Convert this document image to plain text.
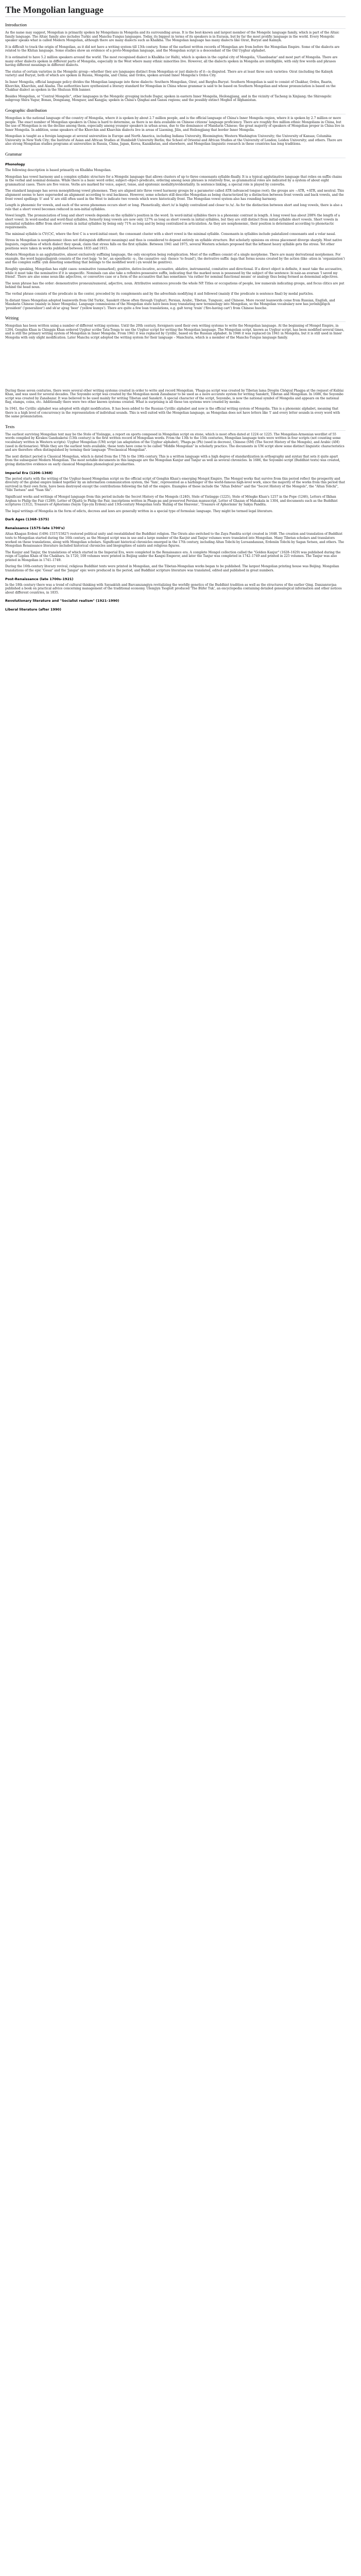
The Mongolian language
Introduction

As the name may suggest, Mongolian is primarily spoken by Mongolians in Mongolia and its surrounding areas. It is the best-known and largest member of the Mongolic language family, which is part of the Altaic family language. The Altaic family also includes Turkic and Manchu-Tungus languages. Today, its biggest in terms of its speakers is in Eurasia, but by far the most prolific language in the world. Every Mongolic speaker speaks what is called Modern Mongolian, although there are many dialects such as Khalkha. The Mongolian language has many dialects like Oirat, Buryat and Kalmyk.

It is difficult to track the origin of Mongolian, as it did not have a writing system till 13th century. Some of the earliest written records of Mongolian are from before the Mongolian Empire. Some of the dialects are related to the Khitan language. Some studies show an evidence of a proto-Mongolian language, and the Mongolian script is a descendant of the Old Uyghur alphabet.

It is estimated to have 5.2 million speakers around the world. The most recognised dialect is Khalkha (or Halh), which is spoken in the capital city of Mongolia, 'Ulaanbaatar' and most part of Mongolia. There are many other dialects spoken in different parts of Mongolia, especially in the West where many ethnic minorities live. However, all the dialects spoken in Mongolia are intelligible, with only few words and phrases having different meanings in different dialects.

The status of certain varieties in the Mongolic group—whether they are languages distinct from Mongolian or just dialects of it—is disputed. There are at least three such varieties: Oirat (including the Kalmyk variety) and Buryat, both of which are spoken in Russia, Mongolia, and China; and Ordos, spoken around Inner Mongolia's Ordos City.

In Inner Mongolia, official language policy divides the Mongolian language into three dialects: Southern Mongolian, Oirat, and Barghu-Buryat. Southern Mongolian is said to consist of Chakhar, Ordos, Baarin, Khorchin, Kharchin, and Alasha. The authorities have synthesized a literary standard for Mongolian in China whose grammar is said to be based on Southern Mongolian and whose pronunciation is based on the Chakhar dialect as spoken in the Shuluun Höh banner.

Besides Mongolian, or "Central Mongolic", other languages in the Mongolic grouping include Dagur, spoken in eastern Inner Mongolia, Heilongjiang, and in the vicinity of Tacheng in Xinjiang; the Shirongolic subgroup Shira Yugur, Bonan, Dongxiang, Monguor, and Kangjia; spoken in China's Qinghai and Gansu regions; and the possibly extinct Moghol of Afghanistan.

Geographic distribution

Mongolian is the national language of the country of Mongolia, where it is spoken by about 2.7 million people, and is the official language of China's Inner Mongolia region, where it is spoken by 2.7 million or more people. The exact number of Mongolian speakers in China is hard to determine, as there is no data available on Chinese citizens' language proficiency. There are roughly five million ethnic Mongolians in China, but the use of Mongolian is on the decline among them, especially among younger speakers in urban areas, due to the dominance of Mandarin Chinese; the great majority of speakers of Mongolian proper in China live in Inner Mongolia. In addition, some speakers of the Khorchin and Kharchin dialects live in areas of Liaoning, Jilin, and Heilongjiang that border Inner Mongolia.

Mongolian is taught as a foreign language at several universities in Europe and North America, including Indiana University, Bloomington; Western Washington University; the University of Kansas; Columbia University in New York City; the Institute of Asian and African Studies at Humboldt University Berlin; the School of Oriental and African Studies at the University of London; Leiden University; and others. There are also strong Mongolian studies programs at universities in Russia, China, Japan, Korea, Kazakhstan, and elsewhere, and Mongolian linguistic research in these countries has long traditions.

Grammar
Phonology

The following description is based primarily on Khalkha Mongolian.

Mongolian has vowel harmony and a complex syllabic structure for a Mongolic language that allows clusters of up to three consonants syllable-finally. It is a typical agglutinative language that relies on suffix chains in the verbal and nominal domains. While there is a basic word order, subject–object–predicate, ordering among noun phrases is relatively free, as grammatical roles are indicated by a system of about eight grammatical cases. There are five voices. Verbs are marked for voice, aspect, tense, and epistemic modality/evidentiality. In sentence linking, a special role is played by converbs.

The standard language has seven monophthong vowel phonemes. They are aligned into three vowel harmony groups by a parameter called ATR (advanced tongue root); the groups are −ATR, +ATR, and neutral. This alignment seems to have superseded an alignment according to oral backness. However, some scholars still describe Mongolian as being characterized by a distinction between front vowels and back vowels, and the front vowel spellings 'ö' and 'ü' are still often used in the West to indicate two vowels which were historically front. The Mongolian vowel system also has rounding harmony.

Length is phonemic for vowels, and each of the seven phonemes occurs short or long. Phonetically, short /o/ is highly centralized and closer to /u/. As for the distinction between short and long vowels, there is also a rule that a short vowel becomes reduced in non-initial syllables.

Vowel length. The pronunciation of long and short vowels depends on the syllable's position in the word. In word-initial syllables there is a phonemic contrast in length. A long vowel has about 208% the length of a short vowel. In word-medial and word-final syllables, formerly long vowels are now only 127% as long as short vowels in initial syllables, but they are still distinct from initial-syllable short vowels. Short vowels in noninitial syllables differ from short vowels in initial syllables by being only 71% as long and by being centralized in articulation. As they are nonphonemic, their position is determined according to phonotactic requirements.

The minimal syllable is CV(C)C, where the first C is a word-initial onset; the consonant cluster with a short vowel is the minimal syllable. Consonants in syllables include palatalized consonants and a velar nasal.

Stress in Mongolian is nonphonemic (does not distinguish different meanings) and thus is considered to depend entirely on syllable structure. But scholarly opinions on stress placement diverge sharply. Most native linguists, regardless of which dialect they speak, claim that stress falls on the first syllable. Between 1941 and 1975, several Western scholars proposed that the leftmost heavy syllable gets the stress. Yet other positions were taken in works published between 1835 and 1915.

Modern Mongolian is an agglutinative, almost exclusively suffixing language, the only exception being reduplication. Most of the suffixes consist of a single morpheme. There are many derivational morphemes. For example, the word bajguullagynh consists of the root bajg- 'to be', an epenthetic -u-, the causative -uul- (hence 'to found'), the derivative suffix -laga that forms nouns created by the action (like -ation in 'organization') and the complex suffix -ynh denoting something that belongs to the modified word (-yn would be genitive).

Roughly speaking, Mongolian has eight cases: nominative (unmarked), genitive, dative-locative, accusative, ablative, instrumental, comitative and directional. If a direct object is definite, it must take the accusative, while it must take the nominative if it is unspecific. Nominals can also take a reflexive-possessive suffix, indicating that the marked noun is possessed by the subject of the sentence: bi naiz-aa avarsan 'I saved my friend'. There are also some noun-like adjectives, or convertive case or a form of the accusative that has sometimes 'via rather for nominal functional means' or analogy thus being formed as denominal adjectives.

The noun phrase has the order: demonstrative pronoun/numeral, adjective, noun. Attributive sentences precede the whole NP. Titles or occupations of people, low numerals indicating groups, and focus clitics are put behind the head noun.

The verbal phrase consists of the predicate in the center, preceded by its complements and by the adverbials modifying it and followed (mainly if the predicate is sentence final) by modal particles.

In distant times Mongolian adopted loanwords from Old Turkic, Sanskrit (these often through Uyghur), Persian, Arabic, Tibetan, Tungusic, and Chinese. More recent loanwords come from Russian, English, and Mandarin Chinese (mainly in Inner Mongolia). Language commissions of the Mongolian state have been busy translating new terminology into Mongolian, so the Mongolian vocabulary now has jerönhijlögch 'president' ('generalizer') and sh'ar ajrag 'beer' ('yellow kumys'). There are quite a few loan translations, e.g. galt tereg 'train' ('fire-having cart') from Chinese huoche.

Writing

Mongolian has been written using a number of different writing systems. Until the 20th century, foreigners used their own writing systems to write the Mongolian language. At the beginning of Mongol Empire, in 1204, Genghis Khan in Chinggis Khan ordered Uyghur scribe Tata-Tonga to use the Uyghur script for writing the Mongolian language. The Mongolian script, known as Uyghur script, has been modified several times, and is still the primary writing system of Mongolian in Inner Mongolia. From 1941 it was replaced by Cyrillic, based on the Russian alphabet. In 1946 it was replaced (in 1941 in Mongolia, but it is still used in Inner Mongolia with only slight modification. Later Manchu script adopted the writing system for their language – Manchuria, which is a member of the Manchu-Tungus language family.

During these seven centuries, there were several other writing systems created in order to write and record Mongolian. 'Phags-pa script was created by Tibetan lama Drogön Chögyal Phagpa at the request of Kublai Khan, and was used for several decades. The Soyombo script was created by the Mongolian monk Zanabazar to be used as a more accurate system for writing Sanskrit, Tibetan and Mongolian. In 1686, the Soyombo script was created by Zanabazar. It was believed to be used mainly for writing Tibetan and Sanskrit. A special character of the script, Soyombo, is now the national symbol of Mongolia and appears on the national flag, stamps, coins, etc. Additionally there were two other known systems created. What is surprising is all these ten systems were created by monks.

In 1941, the Cyrillic alphabet was adopted with slight modification. It has been added to the Russian Cyrillic alphabet and now is the official writing system of Mongolia. This is a phonemic alphabet, meaning that there is a high level of concurrency in the representation of individual sounds. This is well suited with the Mongolian language, as Mongolian does not have letters like 'l' and every letter sounds in every word with the same pronunciation.

Texts

The earliest surviving Mongolian text may be the Stele of Yisüngge, a report on sports composed in Mongolian script on stone, which is most often dated at 1224 or 1225. The Mongolian-Armenian wordlist of 55 words compiled by Kirakos Gandzaketsi (13th century) is the first written record of Mongolian words. From the 13th to the 15th centuries, Mongolian language texts were written in four scripts (not counting some vocabulary written in Western scripts): Uyghur Mongolian (UM) script (an adaptation of the Uyghur alphabet), 'Phags-pa (Ph) (used in decrees), Chinese (SM) (The Secret History of the Mongols), and Arabic (AM) (used in dictionaries). While they are the earliest texts available, these texts have come to be called "Middle Mongolian" in scholarly practice. The documents in UM script show some distinct linguistic characteristics and are therefore often distinguished by terming their language "Preclassical Mongolian".

The next distinct period is Classical Mongolian, which is dated from the 17th to the 19th century. This is a written language with a high degree of standardization in orthography and syntax that sets it quite apart from the subsequent Modern Mongolian. The most notable documents in this language are the Mongolian Kanjur and Tanjur as well as several chronicles. In 1686, the Soyombo script (Buddhist texts) was created, giving distinctive evidence on early classical Mongolian phonological peculiarities.

Imperial Era (1206–1368)

The period starts with the writing of the Uyghur-based Mongolian script on the official script of Genghis Khan's emerging Mongol Empire. The Mongol works that survive from this period reflect the prosperity and diversity of the global empire linked together by an information communication system, the 'Yam', represented as a harbinger of the world-famous high-level work, since the majority of the works from this period that survived in their own form, have been destroyed except the contributions following the fall of the empire. Examples of these include the "Altan Debter" and the "Secret History of the Mongols", the "Altan Tobchi", "Sibi Tsetsen" and "Yuan Shi".

Significant works and writings of Mongol language from this period include the Secret History of the Mongols (1240), Stele of Yisüngge (1225), Stele of Möngke Khan's 1257 in the Pope (1246), Letters of Ilkhan Arghun to Philip the Fair (1289), Letter of Öljaitü to Philip the Fair, inscriptions written in Phags-pa and preserved Persian manuscript, Letter of Ghazan of Mahakala in 1304, and documents such as the Buddhist scriptures (1312), Treasure of Aphorisms (Sayin Üge-yin Erdeni) and 13th-century Mongolian texts 'Ruling of the Heavens', 'Treasure of Aphorisms' by Sakya Pandita.

The legal writings of Mongolia in the form of edicts, decrees and laws are generally written in a special type of formulaic language. They might be termed legal literature.

Dark Ages (1368–1575)
Renaissance (1575–late 1700's)

Altan Khagan Erdeni (1494–1557/1582?) restored political unity and reestablished the Buddhist religion. The Oirats also switched to the Zaya Pandita script created in 1648. The creation and translation of Buddhist texts to Mongolian started during the 16th century, as the Mongol script was in use and a large number of the Kanjur and Tanjur volumes were translated into Mongolian. Many Tibetan scholars and translators worked on these translations, along with Mongolian scholars. Significant historical chronicles emerged in the 17th century, including Altan Tobchi by Luvsandanzan, Erdeniin Tobchi by Sagan Setsen, and others. The Mongolian Renaissance literature included historical chronicles and biographies of saints and religious figures.

The Kanjur and Tanjur, the translations of which started in the Imperial Era, were completed in the Renaissance era. A complete Mongol collection called the "Golden Kanjur" (1628–1629) was published during the reign of Ligdan Khan of the Chakhars. In 1720, 108 volumes were printed in Beijing under the Kangxi Emperor, and later the Tanjur was completed in 1742–1749 and printed in 225 volumes. The Tanjur was also printed in Mongolian in 1741–1749.

During the 16th-century literary revival, religious Buddhist texts were printed in Mongolian, and the Tibetan-Mongolian works began to be published. The largest Mongolian printing house was Beijing. Mongolian translations of the epic 'Gesar' and the 'Jangar' epic were produced in the period, and Buddhist scripture literature was translated, edited and published in great numbers.

Post-Renaissance (late 1700s–1921)

In the 18th century there was a trend of cultural thinking with Sayaaktzh and Barcamzangiyn revitalizing the worldly genetics of the Buddhist tradition as well as the structures of the earlier Qing. Danzanravjaa published a book on practical advice concerning management of the traditional economy. Ulemjiyn Tsoglolt produced 'The Büfer Tuk', an encyclopedia containing detailed genealogical information and other notices about different countries, in 1835.

Revolutionary literature and "Socialist realism" (1921–1990)
Liberal literature (after 1990)
